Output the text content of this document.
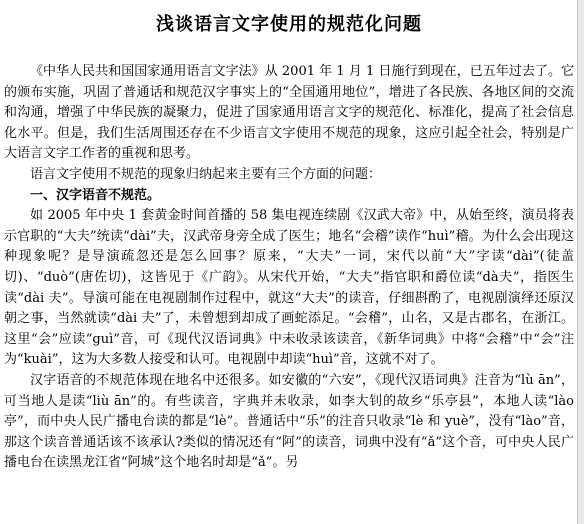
浅谈语言文字使用的规范化问题

《中华人民共和国国家通用语言文字法》从 2001 年 1 月 1 日施行到现在，已五年过去了。它的颁布实施，巩固了普通话和规范汉字事实上的“全国通用地位”，增进了各民族、各地区间的交流和沟通，增强了中华民族的凝聚力，促进了国家通用语言文字的规范化、标准化，提高了社会信息化水平。但是，我们生活周围还存在不少语言文字使用不规范的现象，这应引起全社会，特别是广大语言文字工作者的重视和思考。

语言文字使用不规范的现象归纳起来主要有三个方面的问题：

一、汉字语音不规范。

如 2005 年中央 1 套黄金时间首播的 58 集电视连续剧《汉武大帝》中，从始至终，演员将表示官职的“大夫”统读“dài”夫，汉武帝身旁全成了医生；地名“会稽”读作“huì”稽。为什么会出现这种现象呢？是导演疏忽还是怎么回事？原来，“大夫”一词，宋代以前“大”字读“dài”(徒盖切)、“duò”(唐佐切)，这皆见于《广韵》。从宋代开始，“大夫”指官职和爵位读“dà夫”，指医生读“dài 夫”。导演可能在电视剧制作过程中，就这“大夫”的读音，仔细斟酌了，电视剧演绎还原汉朝之事，当然就读“dài 夫”了，未曾想到却成了画蛇添足。“会稽”，山名，又是古郡名，在浙江。这里“会”应读“guì”音，可《现代汉语词典》中未收录该读音，《新华词典》中将“会稽”中“会”注为“kuài”，这为大多数人接受和认可。电视剧中却读“huì”音，这就不对了。

汉字语音的不规范体现在地名中还很多。如安徽的“六安”，《现代汉语词典》注音为“lù ān”，可当地人是读“liù ān”的。有些读音，字典并未收录，如李大钊的故乡“乐亭县”，本地人读“lào 亭”，而中央人民广播电台读的都是“lè”。普通话中“乐”的注音只收录“lè 和 yuè”，没有“lào”音，那这个读音普通话该不该承认?类似的情况还有“阿”的读音，词典中没有“ǎ”这个音，可中央人民广播电台在读黑龙江省“阿城”这个地名时却是“ǎ”。另
